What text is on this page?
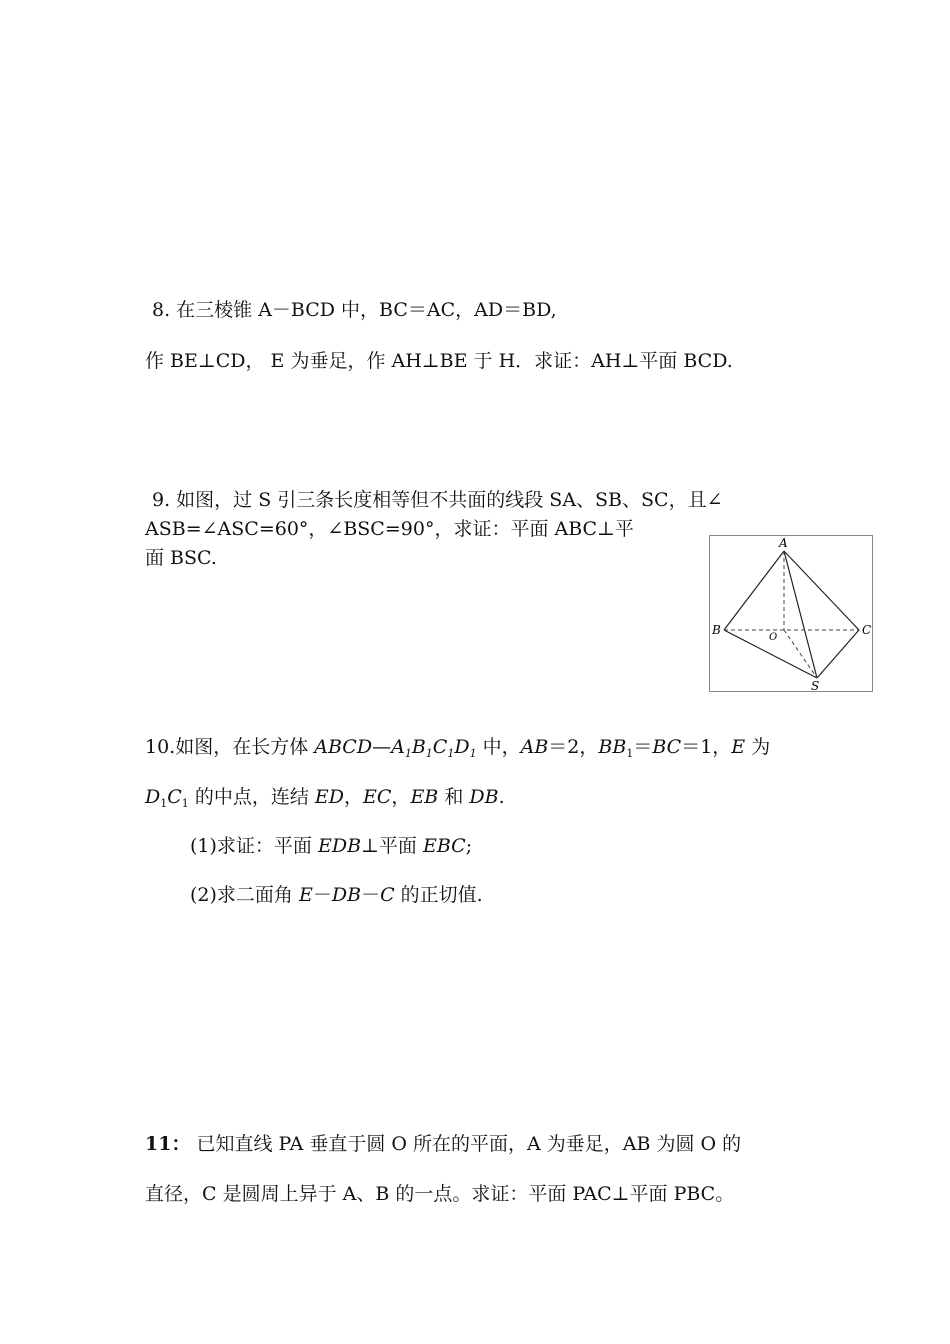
8. 在三棱锥 A－BCD 中，BC＝AC，AD＝BD,
作 BE⊥CD， E 为垂足，作 AH⊥BE 于 H．求证：AH⊥平面 BCD.
9. 如图，过 S 引三条长度相等但不共面的线段 SA、SB、SC，且∠
ASB=∠ASC=60°，∠BSC=90°，求证：平面 ABC⊥平
面 BSC.
A
B	C
O
S
10.如图，在长方体 $ABCD—A_1B_1C_1D_1$ 中，AB＝2，$BB_1=BC=1$，E 为
$D_1C_1$ 的中点，连结 ED，EC，EB 和 DB.
(1)求证：平面 EDB⊥平面 EBC;
(2)求二面角 E－DB－C 的正切值.
11： 已知直线 PA 垂直于圆 O 所在的平面，A 为垂足，AB 为圆 O 的
直径，C 是圆周上异于 A、B 的一点。求证：平面 PAC⊥平面 PBC。
